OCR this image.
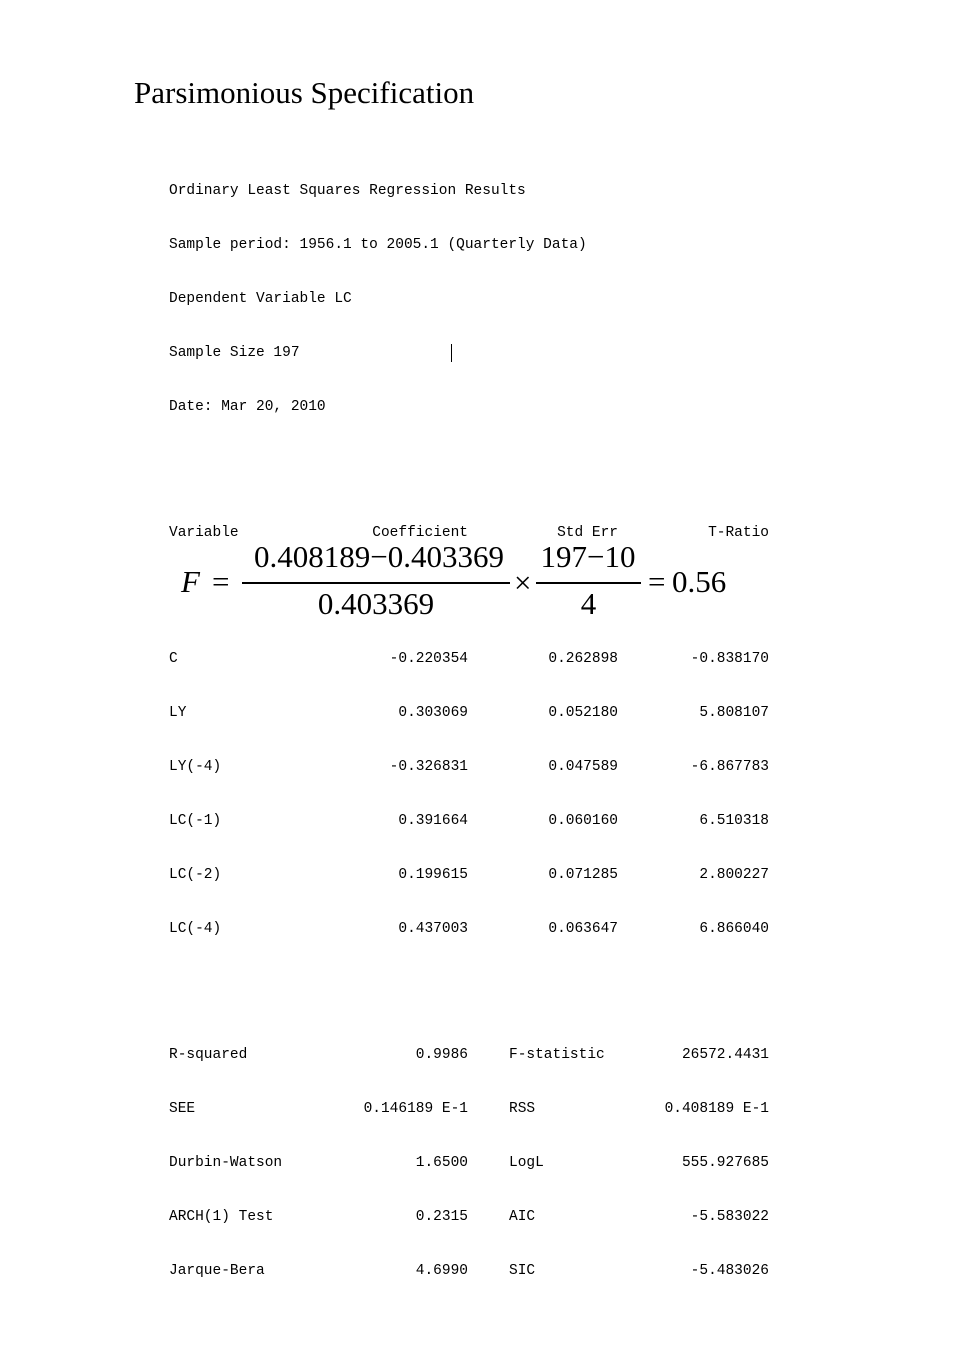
Parsimonious Specification

Ordinary Least Squares Regression Results

Sample period: 1956.1 to 2005.1 (Quarterly Data)

Dependent Variable LC

Sample Size 197

Date: Mar 20, 2010

Variable

	Coefficient

	Std Err

	T-Ratio

C

	-0.220354

	0.262898

	-0.838170

LY

	0.303069

	0.052180

	5.808107

LY(-4)

	-0.326831

	0.047589

	-6.867783

LC(-1)

	0.391664

	0.060160

	6.510318

LC(-2)

	0.199615

	0.071285

	2.800227

LC(-4)

	0.437003

	0.063647

	6.866040

R-squared

	0.9986

	F-statistic

	26572.4431

SEE

	0.146189 E-1

	RSS

	0.408189 E-1

Durbin-Watson

	1.6500

	LogL

	555.927685

ARCH(1) Test

	0.2315

	AIC

	-5.583022

Jarque-Bera

	4.6990

	SIC

	-5.483026

F =
0.408189−0.403369
0.403369
×
197−10
4
= 0.56
